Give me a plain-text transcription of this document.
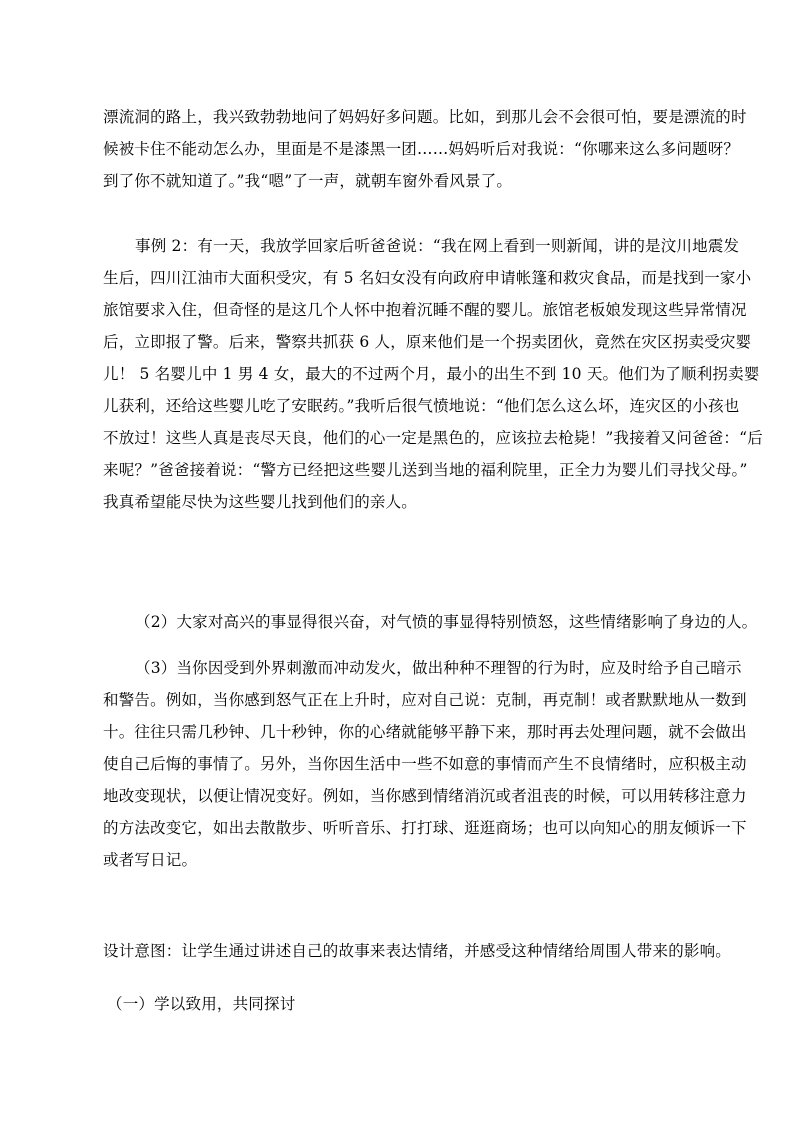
漂流洞的路上，我兴致勃勃地问了妈妈好多问题。比如，到那儿会不会很可怕，要是漂流的时
候被卡住不能动怎么办，里面是不是漆黑一团……妈妈听后对我说：“你哪来这么多问题呀？
到了你不就知道了。”我“嗯”了一声，就朝车窗外看风景了。
事例 2：有一天，我放学回家后听爸爸说：“我在网上看到一则新闻，讲的是汶川地震发
生后，四川江油市大面积受灾，有 5 名妇女没有向政府申请帐篷和救灾食品，而是找到一家小
旅馆要求入住，但奇怪的是这几个人怀中抱着沉睡不醒的婴儿。旅馆老板娘发现这些异常情况
后，立即报了警。后来，警察共抓获 6 人，原来他们是一个拐卖团伙，竟然在灾区拐卖受灾婴
儿！ 5 名婴儿中 1 男 4 女，最大的不过两个月，最小的出生不到 10 天。他们为了顺利拐卖婴
儿获利，还给这些婴儿吃了安眠药。”我听后很气愤地说：“他们怎么这么坏，连灾区的小孩也
不放过！这些人真是丧尽天良，他们的心一定是黑色的，应该拉去枪毙！”我接着又问爸爸：“后
来呢？”爸爸接着说：“警方已经把这些婴儿送到当地的福利院里，正全力为婴儿们寻找父母。”
我真希望能尽快为这些婴儿找到他们的亲人。
（2）大家对高兴的事显得很兴奋，对气愤的事显得特别愤怒，这些情绪影响了身边的人。
（3）当你因受到外界刺激而冲动发火，做出种种不理智的行为时，应及时给予自己暗示
和警告。例如，当你感到怒气正在上升时，应对自己说：克制，再克制！或者默默地从一数到
十。往往只需几秒钟、几十秒钟，你的心绪就能够平静下来，那时再去处理问题，就不会做出
使自己后悔的事情了。另外，当你因生活中一些不如意的事情而产生不良情绪时，应积极主动
地改变现状，以便让情况变好。例如，当你感到情绪消沉或者沮丧的时候，可以用转移注意力
的方法改变它，如出去散散步、听听音乐、打打球、逛逛商场；也可以向知心的朋友倾诉一下
或者写日记。
设计意图：让学生通过讲述自己的故事来表达情绪，并感受这种情绪给周围人带来的影响。
（一）学以致用，共同探讨
